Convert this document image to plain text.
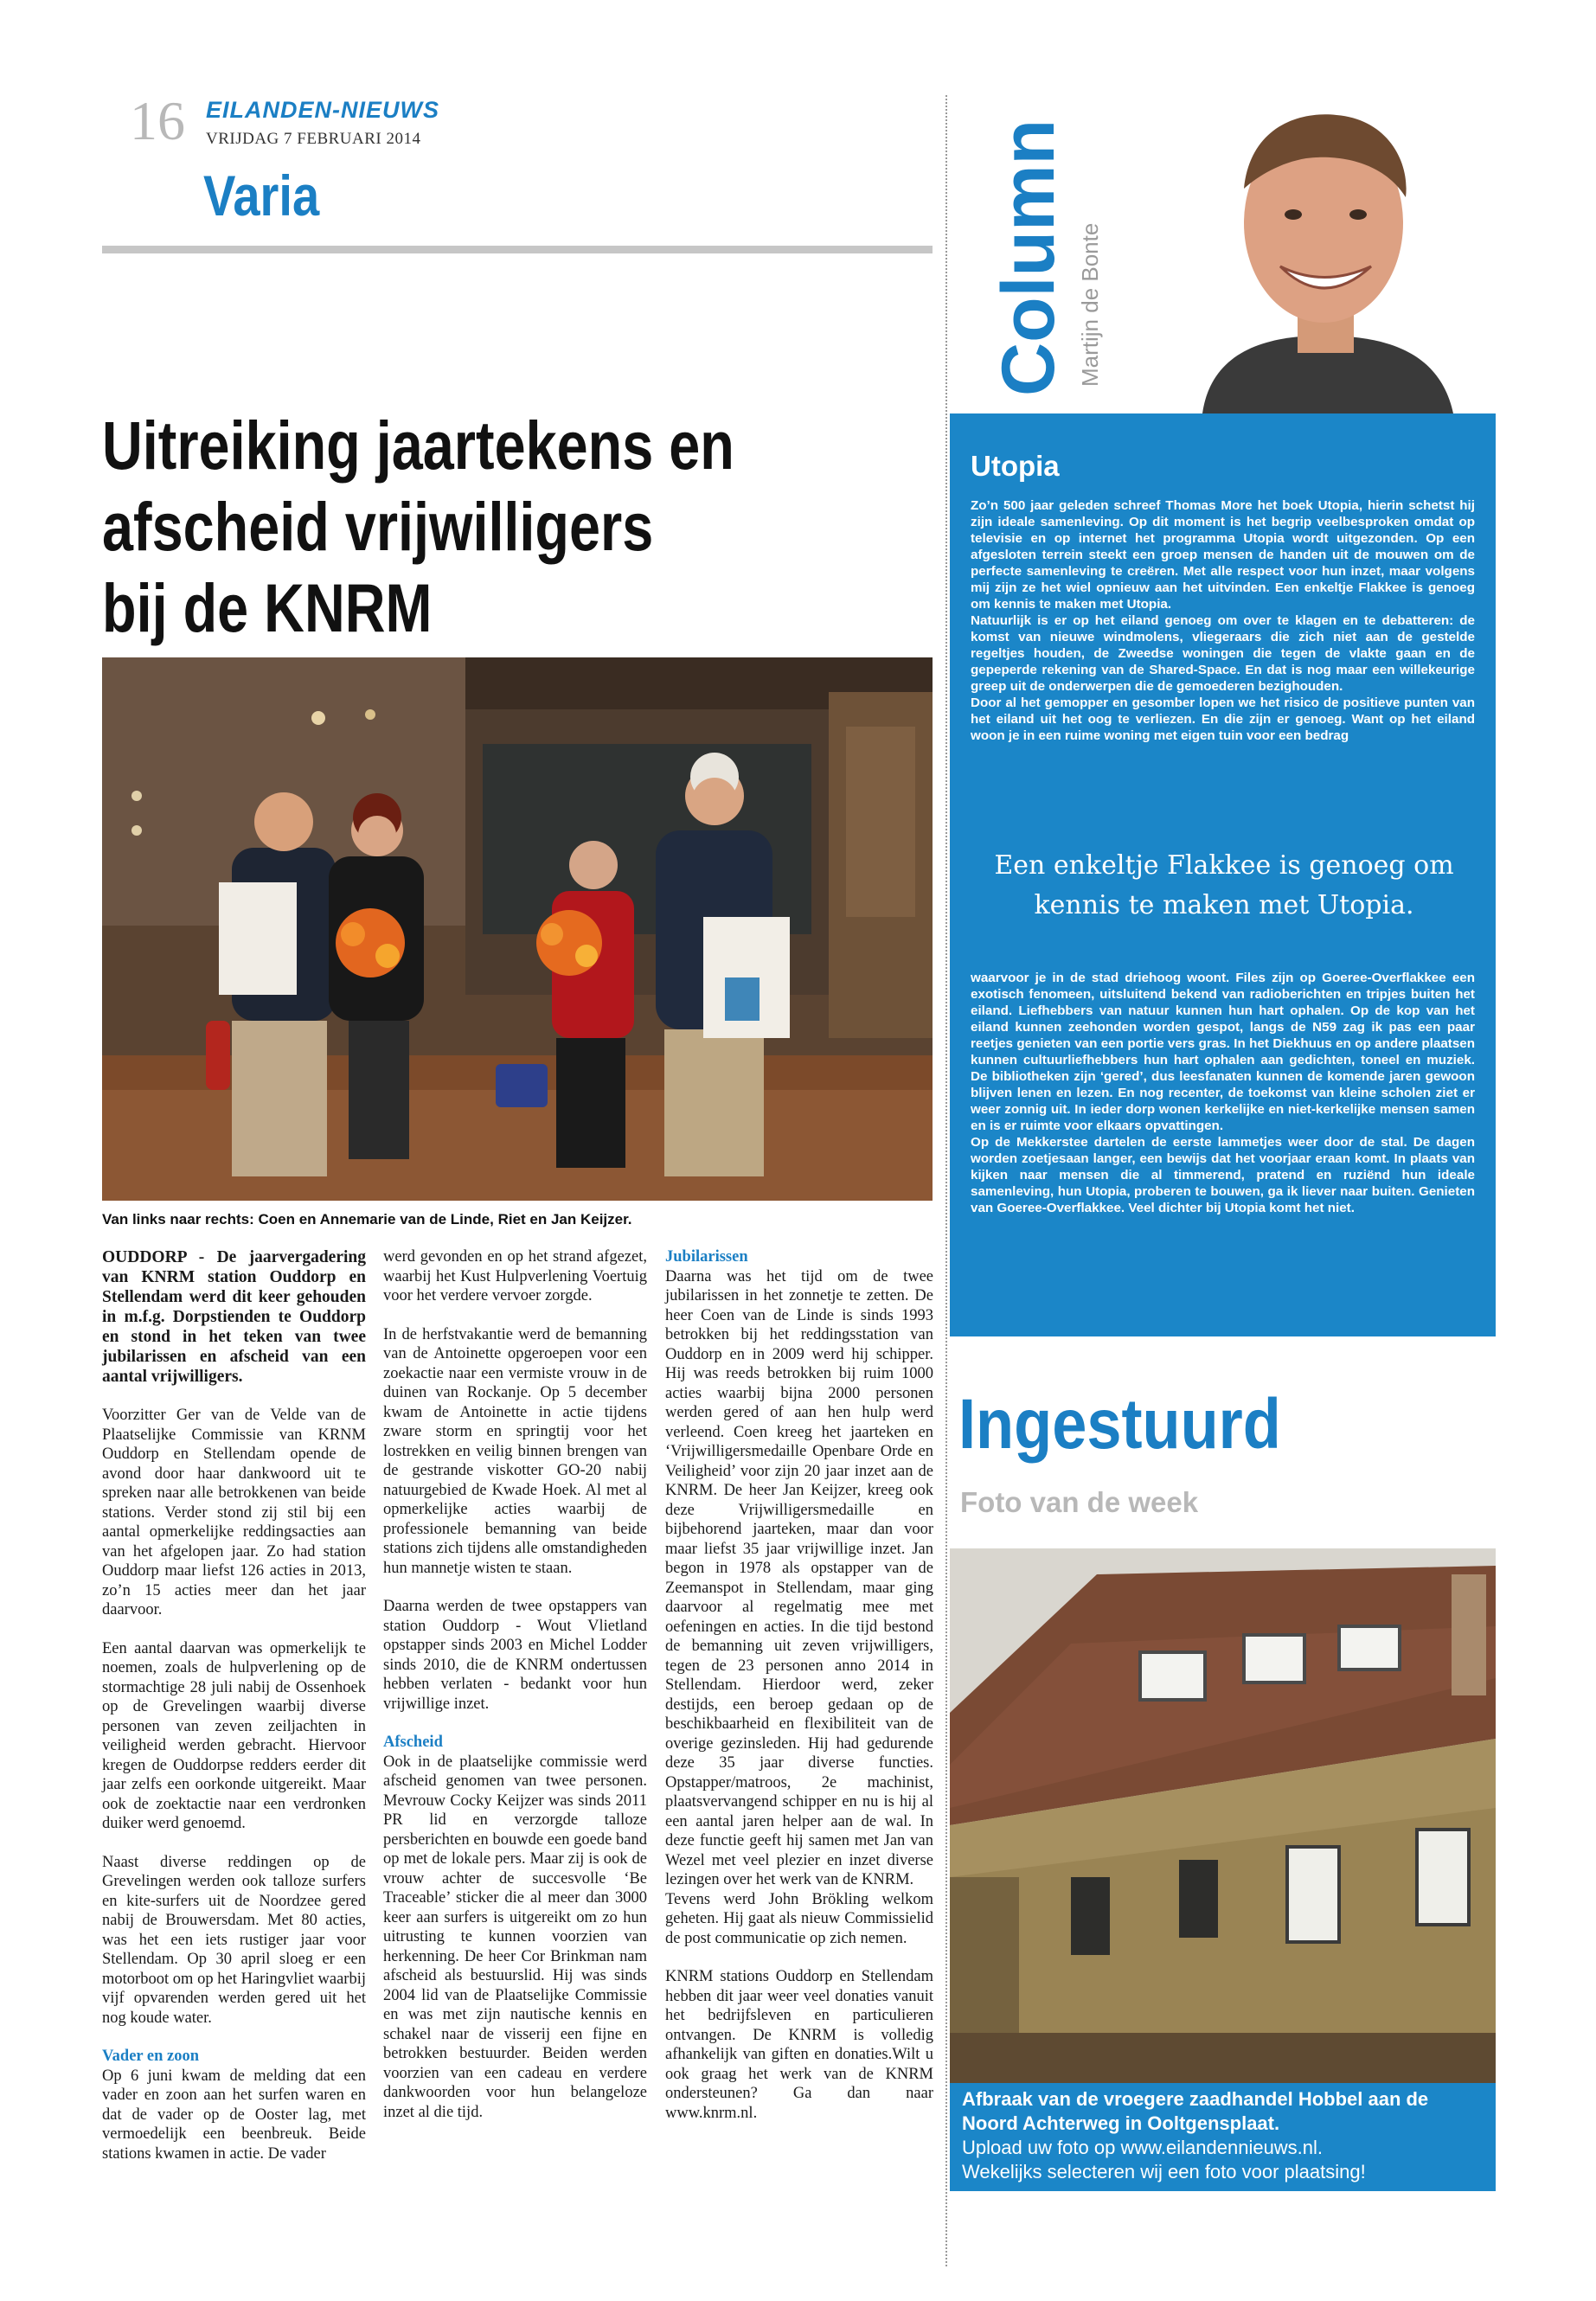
16 EILANDEN-NIEUWS
VRIJDAG 7 FEBRUARI 2014
Varia
Uitreiking jaartekens en
afscheid vrijwilligers
bij de KNRM
Van links naar rechts: Coen en Annemarie van de Linde, Riet en Jan Keijzer.

OUDDORP - De jaarvergadering van KNRM station Ouddorp en Stellendam werd dit keer gehouden in m.f.g. Dorpstienden te Ouddorp en stond in het teken van twee jubilarissen en afscheid van een aantal vrijwilligers.

Voorzitter Ger van de Velde van de Plaatselijke Commissie van KRNM Ouddorp en Stellendam opende de avond door haar dankwoord uit te spreken naar alle betrokkenen van beide stations. Verder stond zij stil bij een aantal opmerkelijke reddingsacties aan van het afgelopen jaar. Zo had station Ouddorp maar liefst 126 acties in 2013, zo’n 15 acties meer dan het jaar daarvoor.

Een aantal daarvan was opmerkelijk te noemen, zoals de hulpverlening op de stormachtige 28 juli nabij de Ossenhoek op de Grevelingen waarbij diverse personen van zeven zeiljachten in veiligheid werden gebracht. Hiervoor kregen de Ouddorpse redders eerder dit jaar zelfs een oorkonde uitgereikt. Maar ook de zoektactie naar een verdronken duiker werd genoemd.

Naast diverse reddingen op de Grevelingen werden ook talloze surfers en kite-surfers uit de Noordzee gered nabij de Brouwersdam. Met 80 acties, was het een iets rustiger jaar voor Stellendam. Op 30 april sloeg er een motorboot om op het Haringvliet waarbij vijf opvarenden werden gered uit het nog koude water.

Vader en zoon

Op 6 juni kwam de melding dat een vader en zoon aan het surfen waren en dat de vader op de Ooster lag, met vermoedelijk een beenbreuk. Beide stations kwamen in actie. De vader

werd gevonden en op het strand afgezet, waarbij het Kust Hulpverlening Voertuig voor het verdere vervoer zorgde.

In de herfstvakantie werd de bemanning van de Antoinette opgeroepen voor een zoekactie naar een vermiste vrouw in de duinen van Rockanje. Op 5 december kwam de Antoinette in actie tijdens zware storm en springtij voor het lostrekken en veilig binnen brengen van de gestrande viskotter GO-20 nabij natuurgebied de Kwade Hoek. Al met al opmerkelijke acties waarbij de professionele bemanning van beide stations zich tijdens alle omstandigheden hun mannetje wisten te staan.

Daarna werden de twee opstappers van station Ouddorp - Wout Vlietland opstapper sinds 2003 en Michel Lodder sinds 2010, die de KNRM ondertussen hebben verlaten - bedankt voor hun vrijwillige inzet.

Afscheid

Ook in de plaatselijke commissie werd afscheid genomen van twee personen. Mevrouw Cocky Keijzer was sinds 2011 PR lid en verzorgde talloze persberichten en bouwde een goede band op met de lokale pers. Maar zij is ook de vrouw achter de succesvolle ‘Be Traceable’ sticker die al meer dan 3000 keer aan surfers is uitgereikt om zo hun uitrusting te kunnen voorzien van herkenning. De heer Cor Brinkman nam afscheid als bestuurslid. Hij was sinds 2004 lid van de Plaatselijke Commissie en was met zijn nautische kennis en schakel naar de visserij een fijne en betrokken bestuurder. Beiden werden voorzien van een cadeau en verdere dankwoorden voor hun belangeloze inzet al die tijd.

Jubilarissen

Daarna was het tijd om de twee jubilarissen in het zonnetje te zetten. De heer Coen van de Linde is sinds 1993 betrokken bij het reddingsstation van Ouddorp en in 2009 werd hij schipper. Hij was reeds betrokken bij ruim 1000 acties waarbij bijna 2000 personen werden gered of aan hen hulp werd verleend. Coen kreeg het jaarteken en ‘Vrijwilligersmedaille Openbare Orde en Veiligheid’ voor zijn 20 jaar inzet aan de KNRM. De heer Jan Keijzer, kreeg ook deze Vrijwilligersmedaille en bijbehorend jaarteken, maar dan voor maar liefst 35 jaar vrijwillige inzet. Jan begon in 1978 als opstapper van de Zeemanspot in Stellendam, maar ging daarvoor al regelmatig mee met oefeningen en acties. In die tijd bestond de bemanning uit zeven vrijwilligers, tegen de 23 personen anno 2014 in Stellendam. Hierdoor werd, zeker destijds, een beroep gedaan op de beschikbaarheid en flexibiliteit van de overige gezinsleden. Hij had gedurende deze 35 jaar diverse functies. Opstapper/matroos, 2e machinist, plaatsvervangend schipper en nu is hij al een aantal jaren helper aan de wal. In deze functie geeft hij samen met Jan van Wezel met veel plezier en inzet diverse lezingen over het werk van de KNRM.

Tevens werd John Brökling welkom geheten. Hij gaat als nieuw Commissielid de post communicatie op zich nemen.

KNRM stations Ouddorp en Stellendam hebben dit jaar weer veel donaties vanuit het bedrijfsleven en particulieren ontvangen. De KNRM is volledig afhankelijk van giften en donaties.Wilt u ook graag het werk van de KNRM ondersteunen? Ga dan naar www.knrm.nl.

Column Martijn de Bonte
Utopia

Zo’n 500 jaar geleden schreef Thomas More het boek Utopia, hierin schetst hij zijn ideale samenleving. Op dit moment is het begrip veelbesproken omdat op televisie en op internet het programma Utopia wordt uitgezonden. Op een afgesloten terrein steekt een groep mensen de handen uit de mouwen om de perfecte samenleving te creëren. Met alle respect voor hun inzet, maar volgens mij zijn ze het wiel opnieuw aan het uitvinden. Een enkeltje Flakkee is genoeg om kennis te maken met Utopia.

Natuurlijk is er op het eiland genoeg om over te klagen en te debatteren: de komst van nieuwe windmolens, vliegeraars die zich niet aan de gestelde regeltjes houden, de Zweedse woningen die tegen de vlakte gaan en de gepeperde rekening van de Shared-Space. En dat is nog maar een willekeurige greep uit de onderwerpen die de gemoederen bezighouden.

Door al het gemopper en gesomber lopen we het risico de positieve punten van het eiland uit het oog te verliezen. En die zijn er genoeg. Want op het eiland woon je in een ruime woning met eigen tuin voor een bedrag

Een enkeltje Flakkee is genoeg om kennis te maken met Utopia.

waarvoor je in de stad driehoog woont. Files zijn op Goeree-Overflakkee een exotisch fenomeen, uitsluitend bekend van radioberichten en tripjes buiten het eiland. Liefhebbers van natuur kunnen hun hart ophalen. Op de kop van het eiland kunnen zeehonden worden gespot, langs de N59 zag ik pas een paar reetjes genieten van een portie vers gras. In het Diekhuus en op andere plaatsen kunnen cultuurliefhebbers hun hart ophalen aan gedichten, toneel en muziek. De bibliotheken zijn ‘gered’, dus leesfanaten kunnen de komende jaren gewoon blijven lenen en lezen. En nog recenter, de toekomst van kleine scholen ziet er weer zonnig uit. In ieder dorp wonen kerkelijke en niet-kerkelijke mensen samen en is er ruimte voor elkaars opvattingen.

Op de Mekkerstee dartelen de eerste lammetjes weer door de stal. De dagen worden zoetjesaan langer, een bewijs dat het voorjaar eraan komt. In plaats van kijken naar mensen die al timmerend, pratend en ruziënd hun ideale samenleving, hun Utopia, proberen te bouwen, ga ik liever naar buiten. Genieten van Goeree-Overflakkee. Veel dichter bij Utopia komt het niet.

Ingestuurd
Foto van de week
Afbraak van de vroegere zaadhandel Hobbel aan de Noord Achterweg in Ooltgensplaat.
Upload uw foto op www.eilandennieuws.nl.
Wekelijks selecteren wij een foto voor plaatsing!
